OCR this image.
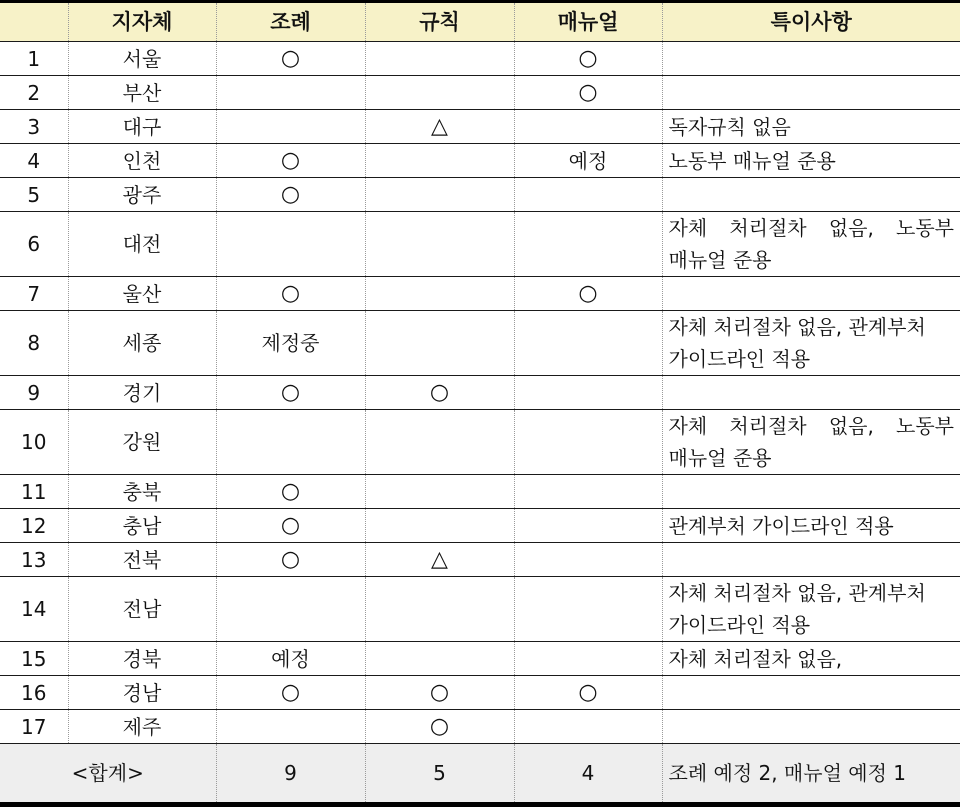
	지자체	조례	규칙	매뉴얼	특이사항
1	서울	○		○	
2	부산			○	
3	대구		△		독자규칙 없음
4	인천	○		예정	노동부 매뉴얼 준용
5	광주	○			
6	대전				자체 처리절차 없음, 노동부 매뉴얼 준용
7	울산	○		○	
8	세종	제정중			자체 처리절차 없음, 관계부처 가이드라인 적용
9	경기	○	○		
10	강원				자체 처리절차 없음, 노동부 매뉴얼 준용
11	충북	○			
12	충남	○			관계부처 가이드라인 적용
13	전북	○	△		
14	전남				자체 처리절차 없음, 관계부처 가이드라인 적용
15	경북	예정			자체 처리절차 없음,
16	경남	○	○	○	
17	제주		○		
<합계>		9	5	4	조례 예정 2, 매뉴얼 예정 1
